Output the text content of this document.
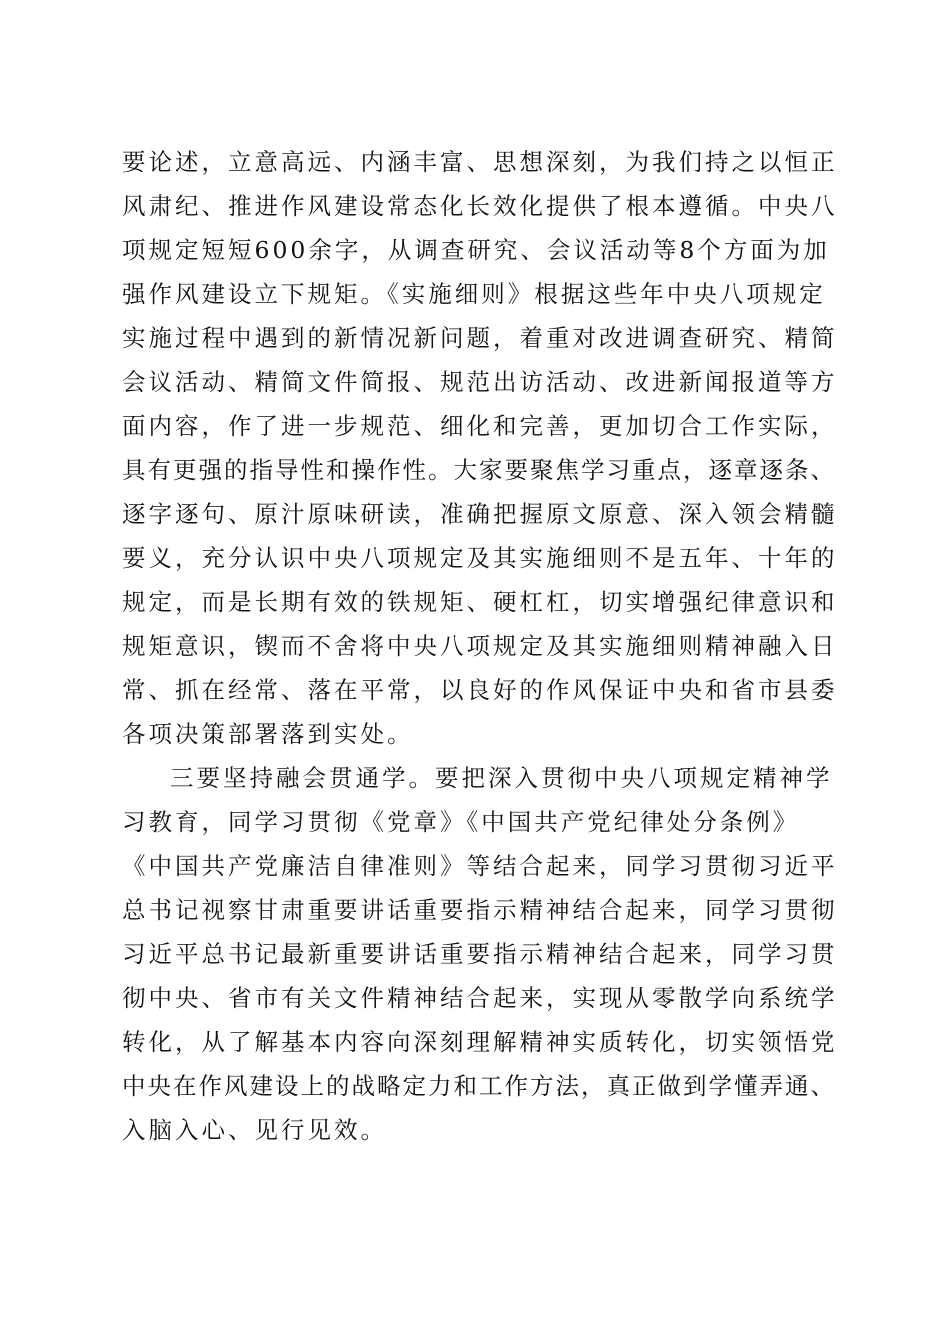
要论述，立意高远、内涵丰富、思想深刻，为我们持之以恒正
风肃纪、推进作风建设常态化长效化提供了根本遵循。中央八
项规定短短600余字，从调查研究、会议活动等8个方面为加
强作风建设立下规矩。《实施细则》根据这些年中央八项规定
实施过程中遇到的新情况新问题，着重对改进调查研究、精简
会议活动、精简文件简报、规范出访活动、改进新闻报道等方
面内容，作了进一步规范、细化和完善，更加切合工作实际，
具有更强的指导性和操作性。大家要聚焦学习重点，逐章逐条、
逐字逐句、原汁原味研读，准确把握原文原意、深入领会精髓
要义，充分认识中央八项规定及其实施细则不是五年、十年的
规定，而是长期有效的铁规矩、硬杠杠，切实增强纪律意识和
规矩意识，锲而不舍将中央八项规定及其实施细则精神融入日
常、抓在经常、落在平常，以良好的作风保证中央和省市县委
各项决策部署落到实处。
三要坚持融会贯通学。要把深入贯彻中央八项规定精神学
习教育，同学习贯彻《党章》《中国共产党纪律处分条例》
《中国共产党廉洁自律准则》等结合起来，同学习贯彻习近平
总书记视察甘肃重要讲话重要指示精神结合起来，同学习贯彻
习近平总书记最新重要讲话重要指示精神结合起来，同学习贯
彻中央、省市有关文件精神结合起来，实现从零散学向系统学
转化，从了解基本内容向深刻理解精神实质转化，切实领悟党
中央在作风建设上的战略定力和工作方法，真正做到学懂弄通、
入脑入心、见行见效。
